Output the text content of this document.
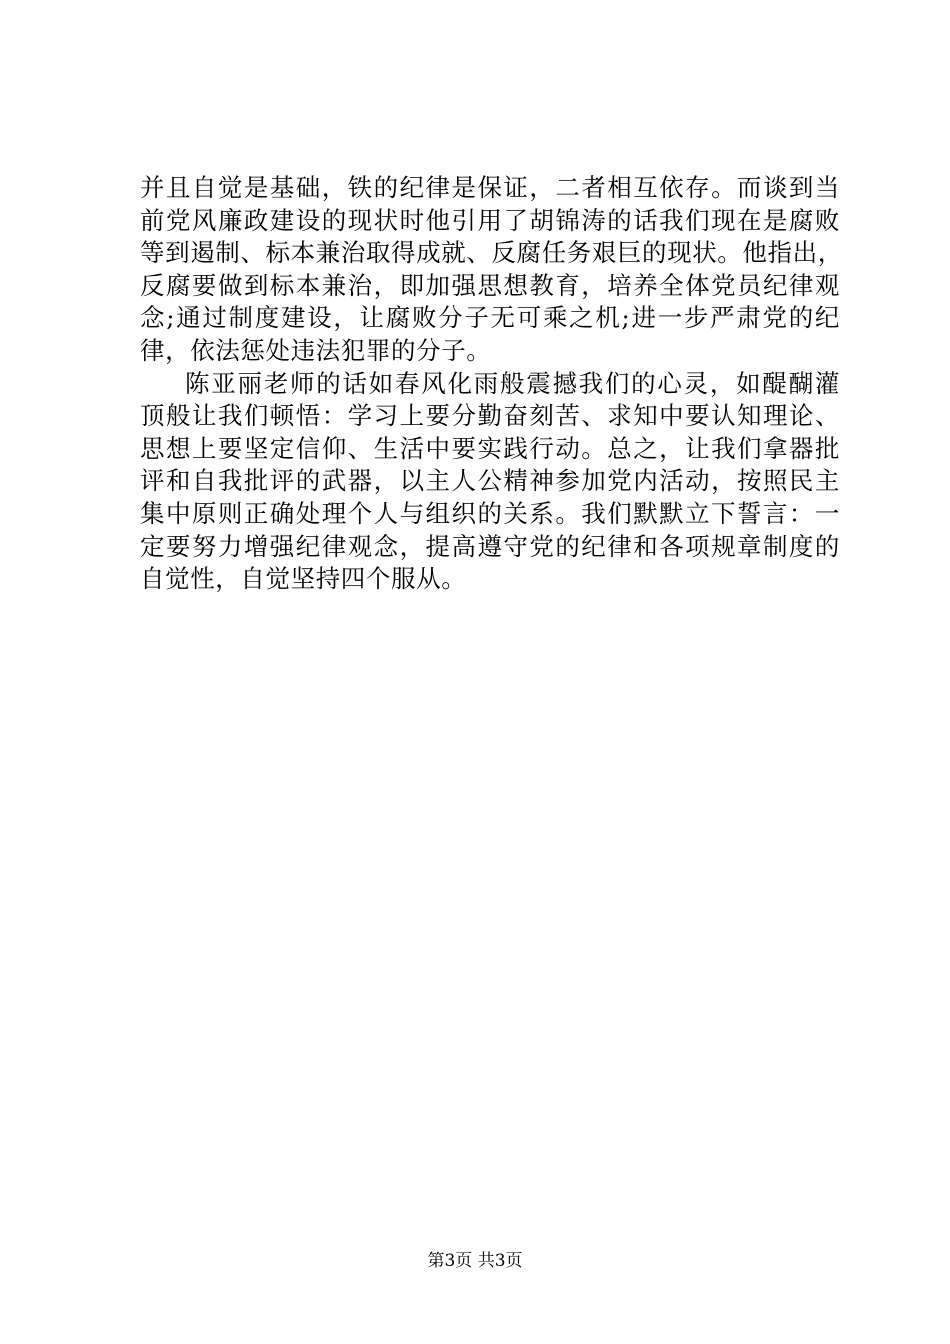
并且自觉是基础，铁的纪律是保证，二者相互依存。而谈到当
前党风廉政建设的现状时他引用了胡锦涛的话我们现在是腐败
等到遏制、标本兼治取得成就、反腐任务艰巨的现状。他指出，
反腐要做到标本兼治，即加强思想教育，培养全体党员纪律观
念;通过制度建设，让腐败分子无可乘之机;进一步严肃党的纪
律，依法惩处违法犯罪的分子。
陈亚丽老师的话如春风化雨般震撼我们的心灵，如醍醐灌
顶般让我们顿悟：学习上要分勤奋刻苦、求知中要认知理论、
思想上要坚定信仰、生活中要实践行动。总之，让我们拿器批
评和自我批评的武器，以主人公精神参加党内活动，按照民主
集中原则正确处理个人与组织的关系。我们默默立下誓言：一
定要努力增强纪律观念，提高遵守党的纪律和各项规章制度的
自觉性，自觉坚持四个服从。
第3页 共3页
